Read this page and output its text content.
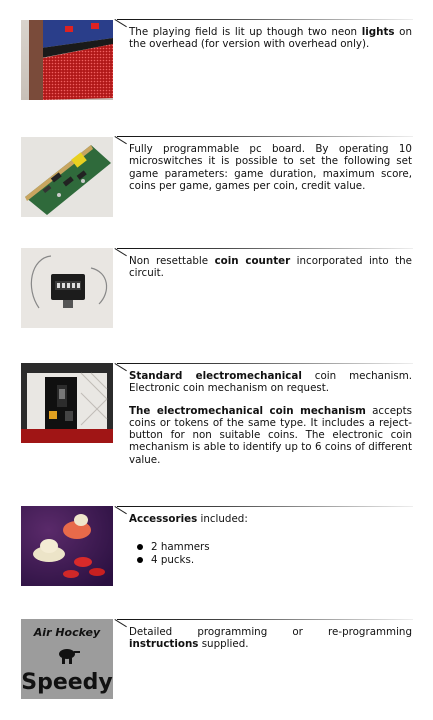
The playing field is lit up though two neon lights on the overhead (for version with overhead only).

Fully programmable pc board. By operating 10 microswitches it is possible to set the following set game parameters: game duration, maximum score, coins per game, games per coin, credit value.

Non resettable coin counter incorporated into the circuit.

Standard electromechanical coin mechanism. Electronic coin mechanism on request.

The electromechanical coin mechanism accepts coins or tokens of the same type. It includes a reject-button for non suitable coins. The electronic coin mechanism is able to identify up to 6 coins of different value.

Accessories included:

2 hammers
4 pucks.
Air Hockey
Speedy

Detailed programming or re-programming instructions supplied.
